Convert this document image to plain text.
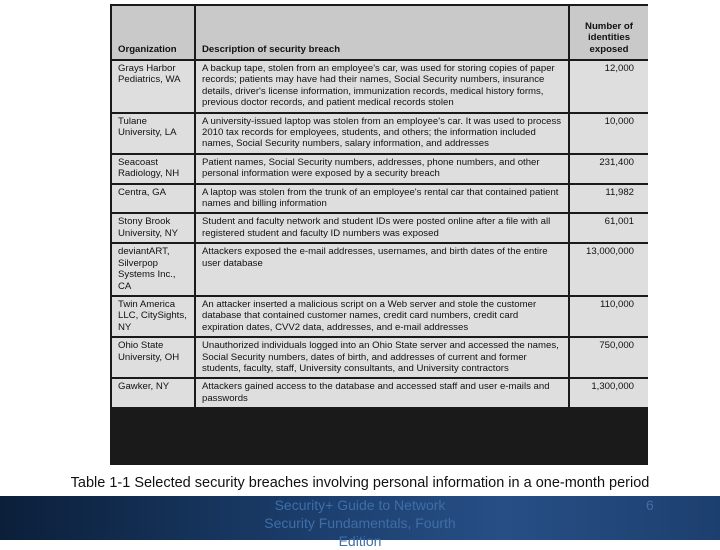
Organization	Description of security breach	Number of identities exposed
Grays Harbor Pediatrics, WA	A backup tape, stolen from an employee's car, was used for storing copies of paper records; patients may have had their names, Social Security numbers, insurance details, driver's license information, immunization records, medical history forms, previous doctor records, and patient medical records stolen	12,000
Tulane University, LA	A university-issued laptop was stolen from an employee's car. It was used to process 2010 tax records for employees, students, and others; the information included names, Social Security numbers, salary information, and addresses	10,000
Seacoast Radiology, NH	Patient names, Social Security numbers, addresses, phone numbers, and other personal information were exposed by a security breach	231,400
Centra, GA	A laptop was stolen from the trunk of an employee's rental car that contained patient names and billing information	11,982
Stony Brook University, NY	Student and faculty network and student IDs were posted online after a file with all registered student and faculty ID numbers was exposed	61,001
deviantART, Silverpop Systems Inc., CA	Attackers exposed the e-mail addresses, usernames, and birth dates of the entire user database	13,000,000
Twin America LLC, CitySights, NY	An attacker inserted a malicious script on a Web server and stole the customer database that contained customer names, credit card numbers, credit card expiration dates, CVV2 data, addresses, and e-mail addresses	110,000
Ohio State University, OH	Unauthorized individuals logged into an Ohio State server and accessed the names, Social Security numbers, dates of birth, and addresses of current and former students, faculty, staff, University consultants, and University contractors	750,000
Gawker, NY	Attackers gained access to the database and accessed staff and user e-mails and passwords	1,300,000
Table 1-1 Selected security breaches involving personal information in a one-month period
Security+ Guide to Network Security Fundamentals, Fourth Edition
6
